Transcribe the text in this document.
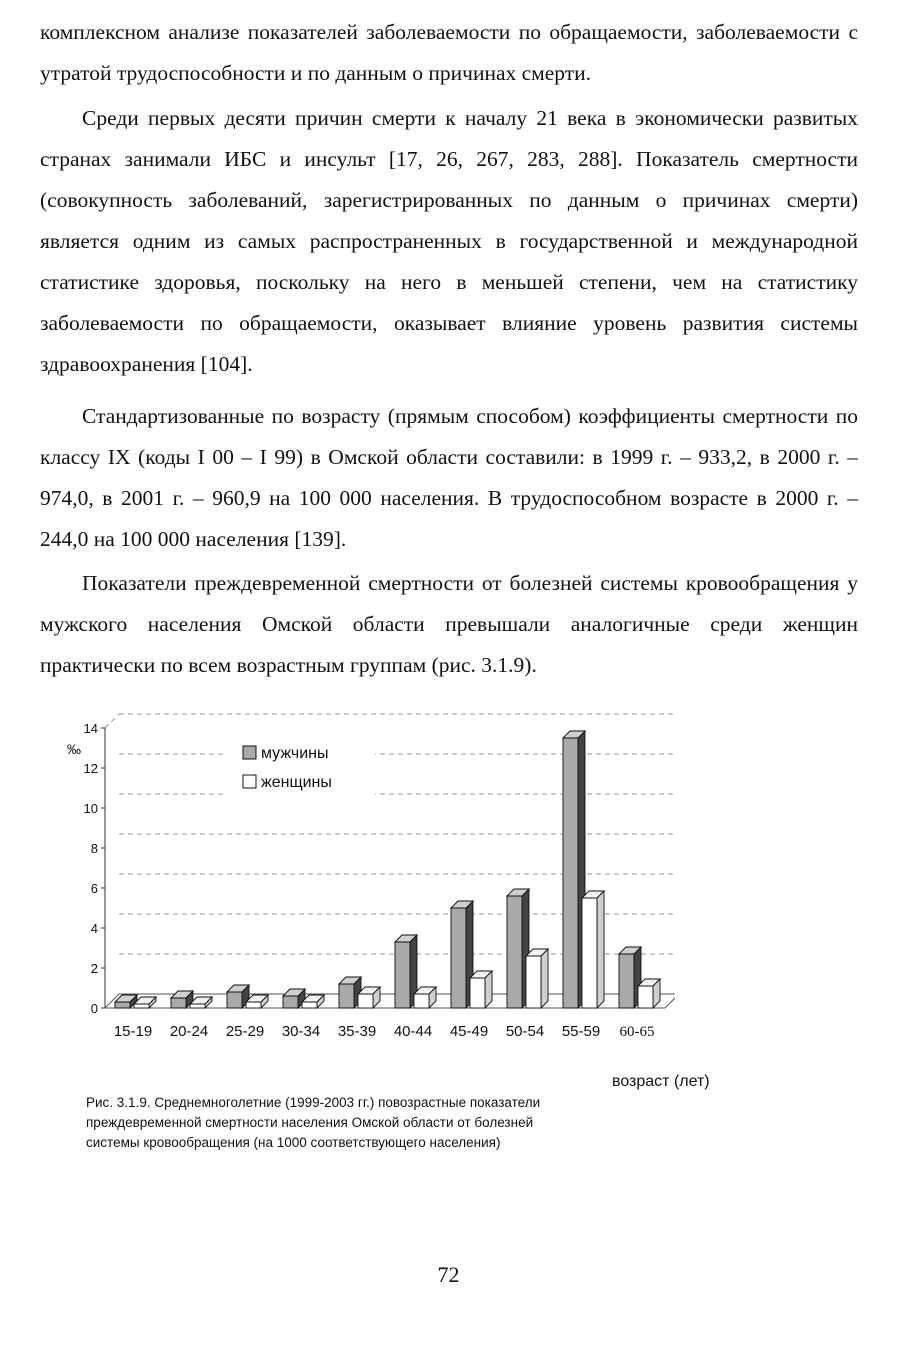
комплексном анализе показателей заболеваемости по обращаемости, заболеваемости с утратой трудоспособности и по данным о причинах смерти.

Среди первых десяти причин смерти к началу 21 века в экономически развитых странах занимали ИБС и инсульт [17, 26, 267, 283, 288]. Показатель смертности (совокупность заболеваний, зарегистрированных по данным о причинах смерти) является одним из самых распространенных в государственной и международной статистике здоровья, поскольку на него в меньшей степени, чем на статистику заболеваемости по обращаемости, оказывает влияние уровень развития системы здравоохранения [104].

Стандартизованные по возрасту (прямым способом) коэффициенты смертности по классу IX (коды I 00 – I 99) в Омской области составили: в 1999 г. – 933,2, в 2000 г. – 974,0, в 2001 г. – 960,9 на 100 000 населения. В трудоспособном возрасте в 2000 г. – 244,0 на 100 000 населения [139].

Показатели преждевременной смертности от болезней системы кровообращения у мужского населения Омской области превышали аналогичные среди женщин практически по всем возрастным группам (рис. 3.1.9).

0
2
4
6
8
10
12
14
‰
15-19 20-24 25-29 30-34 35-39 40-44 45-49 50-54 55-59 60-65
мужчины
женщины
возраст (лет)
Рис. 3.1.9. Среднемноголетние (1999-2003 гг.) повозрастные показатели
преждевременной смертности населения Омской области от болезней
системы кровообращения (на 1000 соответствующего населения)
72
